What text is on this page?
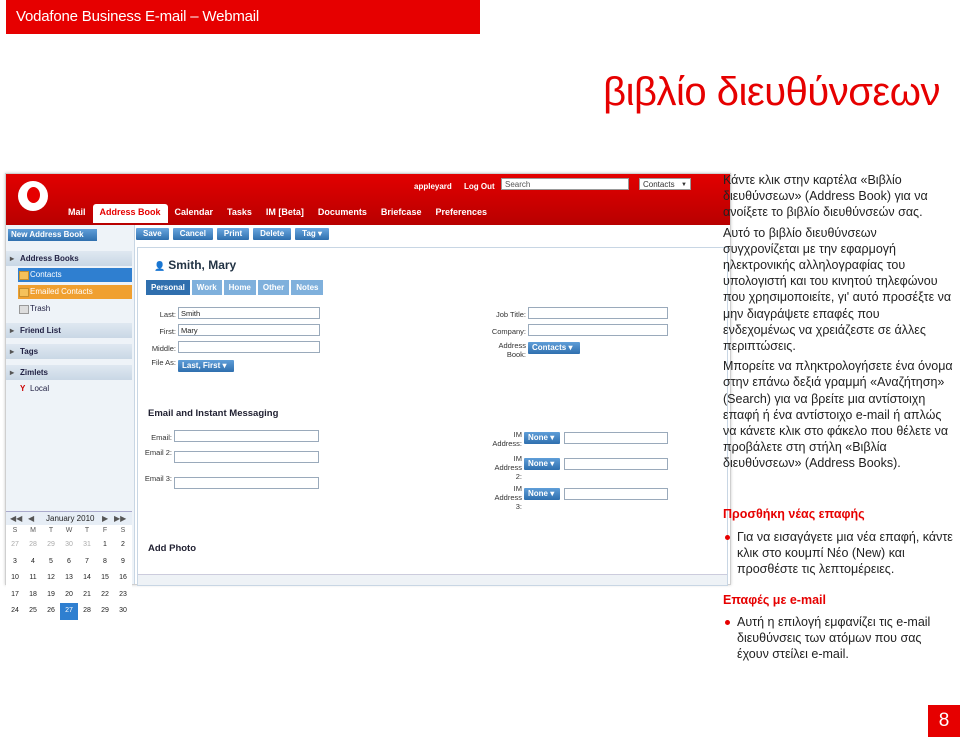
Vodafone Business E-mail – Webmail
βιβλίο διευθύνσεων
appleyard Log Out	Search	Contacts ▼
Mail	Address Book	Calendar	Tasks	IM [Beta]	Documents	Briefcase	Preferences
New Address Book
▸ Address Books
Contacts
Emailed Contacts
Trash
▸ Friend List
▸ Tags
▸ Zimlets
Y Local
◀◀ ◀ January 2010 ▶ ▶▶
S	M	T	W	T	F	S
27	28	29	30	31	1	2
3	4	5	6	7	8	9
10	11	12	13	14	15	16
17	18	19	20	21	22	23
24	25	26	27	28	29	30
Save	Cancel	Print	Delete	Tag ▾
👤 Smith, Mary
Personal	Work	Home	Other	Notes
Last: Smith
First: Mary
Middle:
File As: Last, First ▾
Job Title:
Company:
Address Book:
Contacts ▾
Email and Instant Messaging
Email:
Email 2:
Email 3:
IM Address:
None ▾
IM Address 2:
None ▾
IM Address 3:
None ▾
Add Photo

Κάντε κλικ στην καρτέλα «Βιβλίο διευθύνσεων» (Address Book) για να ανοίξετε το βιβλίο διευθύνσεών σας.

Αυτό το βιβλίο διευθύνσεων συγχρονίζεται με την εφαρμογή ηλεκτρονικής αλληλογραφίας του υπολογιστή και του κινητού τηλεφώνου που χρησιμοποιείτε, γι' αυτό προσέξτε να μην διαγράψετε επαφές που ενδεχομένως να χρειάζεστε σε άλλες περιπτώσεις.

Μπορείτε να πληκτρολογήσετε ένα όνομα στην επάνω δεξιά γραμμή «Αναζήτηση» (Search) για να βρείτε μια αντίστοιχη επαφή ή ένα αντίστοιχο e-mail ή απλώς να κάνετε κλικ στο φάκελο που θέλετε να προβάλετε στη στήλη «Βιβλία διευθύνσεων» (Address Books).

Προσθήκη νέας επαφής
Για να εισαγάγετε μια νέα επαφή, κάντε κλικ στο κουμπί Νέο (New) και προσθέστε τις λεπτομέρειες.
Επαφές με e-mail
Αυτή η επιλογή εμφανίζει τις e-mail διευθύνσεις των ατόμων που σας έχουν στείλει e-mail.
8
